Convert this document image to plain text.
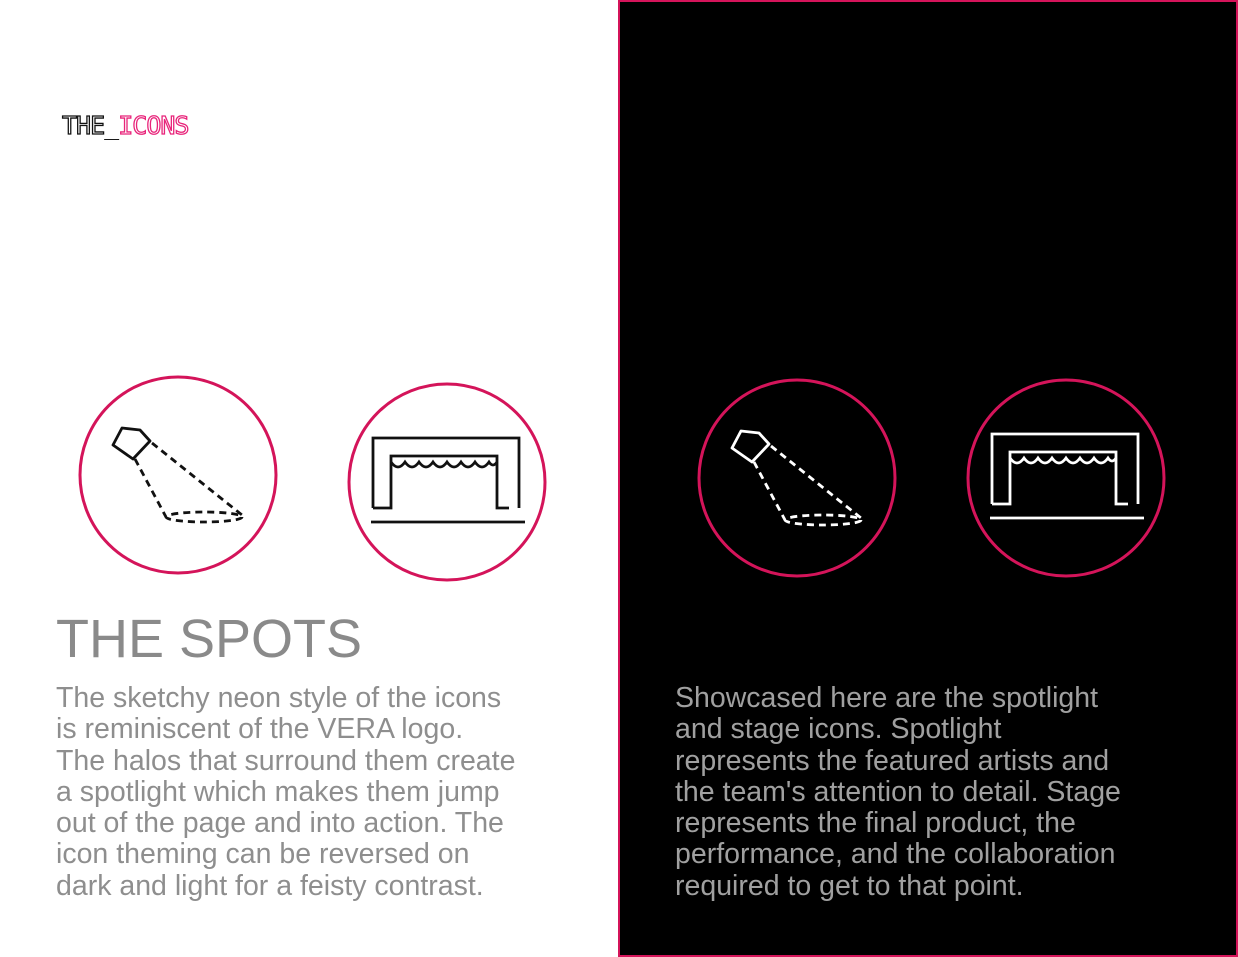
THE_ICONS
THE SPOTS

The sketchy neon style of the icons
is reminiscent of the VERA logo.
The halos that surround them create
a spotlight which makes them jump
out of the page and into action. The
icon theming can be reversed on
dark and light for a feisty contrast.

Showcased here are the spotlight
and stage icons. Spotlight
represents the featured artists and
the team's attention to detail. Stage
represents the final product, the
performance, and the collaboration
required to get to that point.
